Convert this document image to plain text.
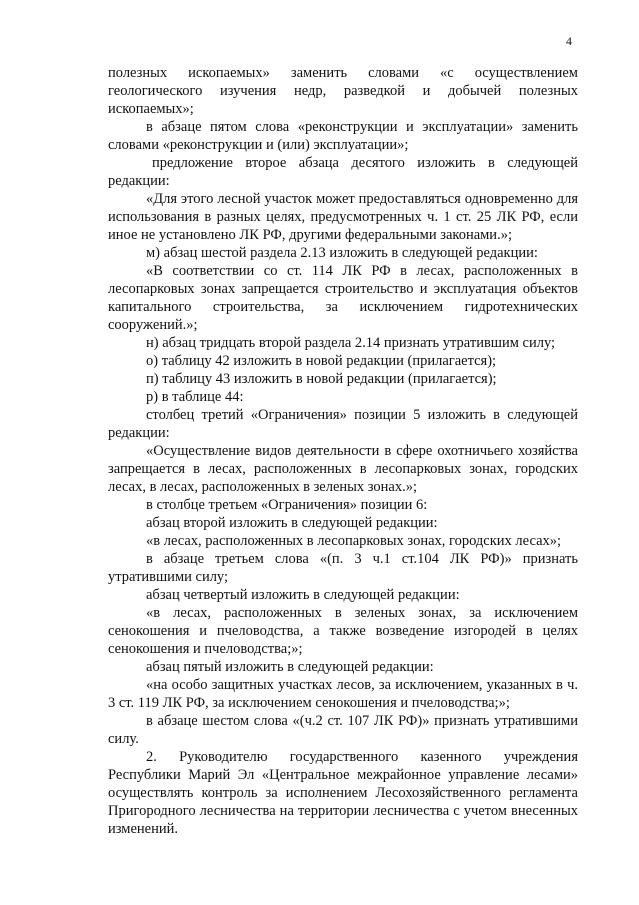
4

полезных ископаемых» заменить словами «с осуществлением геологического изучения недр, разведкой и добычей полезных ископаемых»;

в абзаце пятом слова «реконструкции и эксплуатации» заменить словами «реконструкции и (или) эксплуатации»;

предложение второе абзаца десятого изложить в следующей редакции:

«Для этого лесной участок может предоставляться одновременно для использования в разных целях, предусмотренных ч. 1 ст. 25 ЛК РФ, если иное не установлено ЛК РФ, другими федеральными законами.»;

м) абзац шестой раздела 2.13 изложить в следующей редакции:

«В соответствии со ст. 114 ЛК РФ в лесах, расположенных в лесопарковых зонах запрещается строительство и эксплуатация объектов капитального строительства, за исключением гидротехнических сооружений.»;

н) абзац тридцать второй раздела 2.14 признать утратившим силу;

о) таблицу 42 изложить в новой редакции (прилагается);

п) таблицу 43 изложить в новой редакции (прилагается);

р) в таблице 44:

столбец третий «Ограничения» позиции 5 изложить в следующей редакции:

«Осуществление видов деятельности в сфере охотничьего хозяйства запрещается в лесах, расположенных в лесопарковых зонах, городских лесах, в лесах, расположенных в зеленых зонах.»;

в столбце третьем «Ограничения» позиции 6:

абзац второй изложить в следующей редакции:

«в лесах, расположенных в лесопарковых зонах, городских лесах»;

в абзаце третьем слова «(п. 3 ч.1 ст.104 ЛК РФ)» признать утратившими силу;

абзац четвертый изложить в следующей редакции:

«в лесах, расположенных в зеленых зонах, за исключением сенокошения и пчеловодства, а также возведение изгородей в целях сенокошения и пчеловодства;»;

абзац пятый изложить в следующей редакции:

«на особо защитных участках лесов, за исключением, указанных в ч. 3 ст. 119 ЛК РФ, за исключением сенокошения и пчеловодства;»;

в абзаце шестом слова «(ч.2 ст. 107 ЛК РФ)» признать утратившими силу.

2. Руководителю государственного казенного учреждения Республики Марий Эл «Центральное межрайонное управление лесами» осуществлять контроль за исполнением Лесохозяйственного регламента Пригородного лесничества на территории лесничества с учетом внесенных изменений.
